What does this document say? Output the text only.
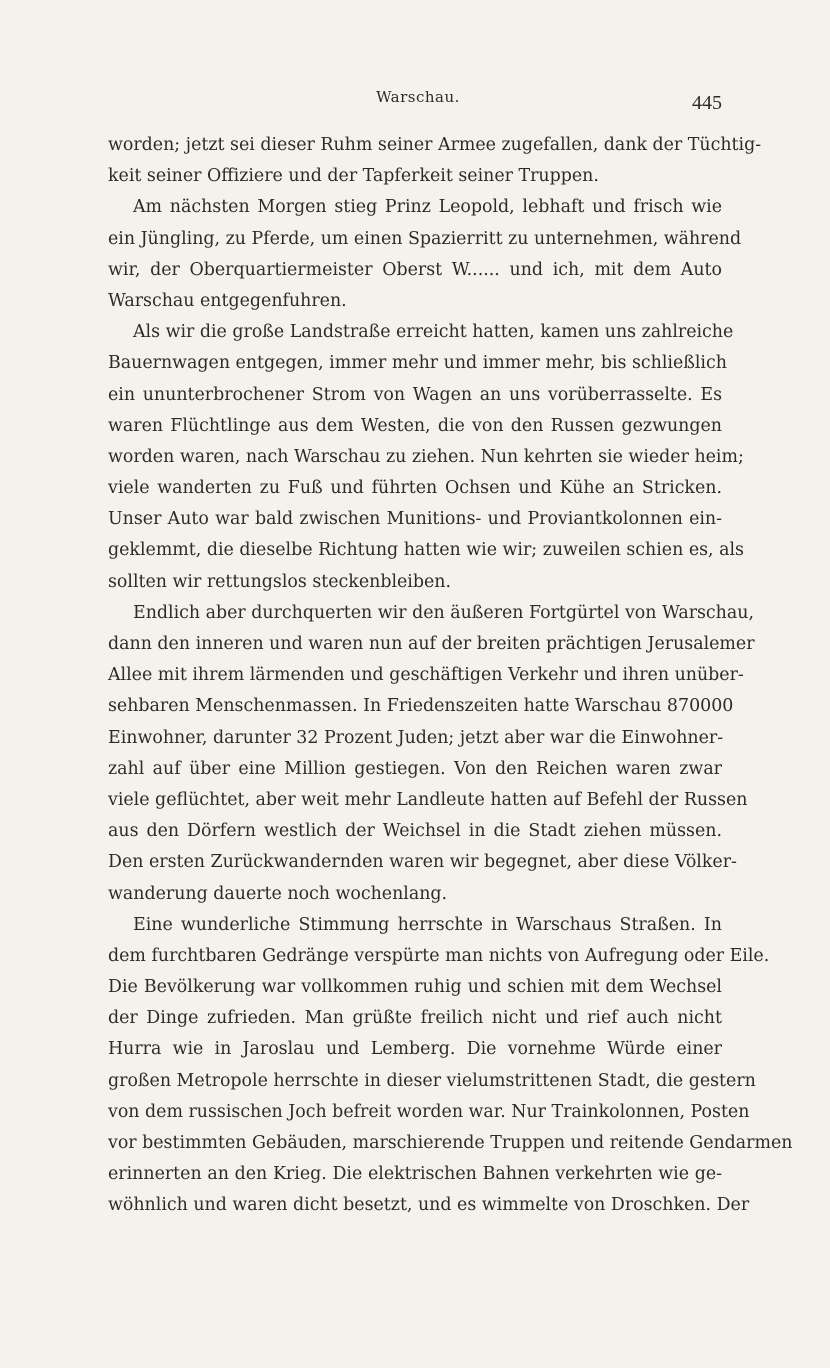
Warschau.	445
worden; jetzt sei dieser Ruhm seiner Armee zugefallen, dank der Tüchtig-
keit seiner Offiziere und der Tapferkeit seiner Truppen.
Am nächsten Morgen stieg Prinz Leopold, lebhaft und frisch wie
ein Jüngling, zu Pferde, um einen Spazierritt zu unternehmen, während
wir, der Oberquartiermeister Oberst W...... und ich, mit dem Auto
Warschau entgegenfuhren.
Als wir die große Landstraße erreicht hatten, kamen uns zahlreiche
Bauernwagen entgegen, immer mehr und immer mehr, bis schließlich
ein ununterbrochener Strom von Wagen an uns vorüberrasselte. Es
waren Flüchtlinge aus dem Westen, die von den Russen gezwungen
worden waren, nach Warschau zu ziehen. Nun kehrten sie wieder heim;
viele wanderten zu Fuß und führten Ochsen und Kühe an Stricken.
Unser Auto war bald zwischen Munitions- und Proviantkolonnen ein-
geklemmt, die dieselbe Richtung hatten wie wir; zuweilen schien es, als
sollten wir rettungslos steckenbleiben.
Endlich aber durchquerten wir den äußeren Fortgürtel von Warschau,
dann den inneren und waren nun auf der breiten prächtigen Jerusalemer
Allee mit ihrem lärmenden und geschäftigen Verkehr und ihren unüber-
sehbaren Menschenmassen. In Friedenszeiten hatte Warschau 870000
Einwohner, darunter 32 Prozent Juden; jetzt aber war die Einwohner-
zahl auf über eine Million gestiegen. Von den Reichen waren zwar
viele geflüchtet, aber weit mehr Landleute hatten auf Befehl der Russen
aus den Dörfern westlich der Weichsel in die Stadt ziehen müssen.
Den ersten Zurückwandernden waren wir begegnet, aber diese Völker-
wanderung dauerte noch wochenlang.
Eine wunderliche Stimmung herrschte in Warschaus Straßen. In
dem furchtbaren Gedränge verspürte man nichts von Aufregung oder Eile.
Die Bevölkerung war vollkommen ruhig und schien mit dem Wechsel
der Dinge zufrieden. Man grüßte freilich nicht und rief auch nicht
Hurra wie in Jaroslau und Lemberg. Die vornehme Würde einer
großen Metropole herrschte in dieser vielumstrittenen Stadt, die gestern
von dem russischen Joch befreit worden war. Nur Trainkolonnen, Posten
vor bestimmten Gebäuden, marschierende Truppen und reitende Gendarmen
erinnerten an den Krieg. Die elektrischen Bahnen verkehrten wie ge-
wöhnlich und waren dicht besetzt, und es wimmelte von Droschken. Der
